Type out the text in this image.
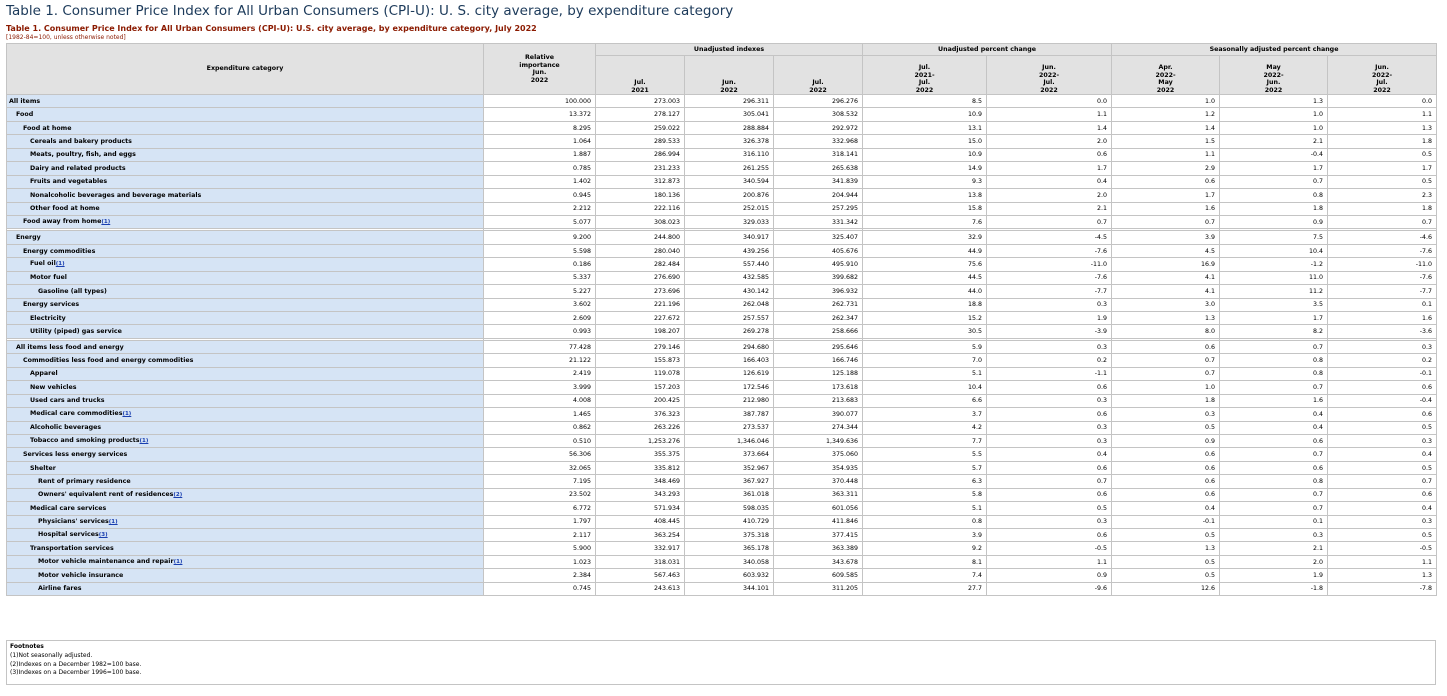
Table 1. Consumer Price Index for All Urban Consumers (CPI-U): U. S. city average, by expenditure category
Table 1. Consumer Price Index for All Urban Consumers (CPI-U): U.S. city average, by expenditure category, July 2022
[1982-84=100, unless otherwise noted]
Expenditure category	Relative
importance
Jun.
2022	Unadjusted indexes			Unadjusted percent change		Seasonally adjusted percent change		
		Jul.
2021	Jun.
2022	Jul.
2022	Jul.
2021-
Jul.
2022	Jun.
2022-
Jul.
2022	Apr.
2022-
May
2022	May
2022-
Jun.
2022	Jun.
2022-
Jul.
2022
All items	100.000	273.003	296.311	296.276	8.5	0.0	1.0	1.3	0.0
Food	13.372	278.127	305.041	308.532	10.9	1.1	1.2	1.0	1.1
Food at home	8.295	259.022	288.884	292.972	13.1	1.4	1.4	1.0	1.3
Cereals and bakery products	1.064	289.533	326.378	332.968	15.0	2.0	1.5	2.1	1.8
Meats, poultry, fish, and eggs	1.887	286.994	316.110	318.141	10.9	0.6	1.1	-0.4	0.5
Dairy and related products	0.785	231.233	261.255	265.638	14.9	1.7	2.9	1.7	1.7
Fruits and vegetables	1.402	312.873	340.594	341.839	9.3	0.4	0.6	0.7	0.5
Nonalcoholic beverages and beverage materials	0.945	180.136	200.876	204.944	13.8	2.0	1.7	0.8	2.3
Other food at home	2.212	222.116	252.015	257.295	15.8	2.1	1.6	1.8	1.8
Food away from home(1)	5.077	308.023	329.033	331.342	7.6	0.7	0.7	0.9	0.7

Energy	9.200	244.800	340.917	325.407	32.9	-4.5	3.9	7.5	-4.6
Energy commodities	5.598	280.040	439.256	405.676	44.9	-7.6	4.5	10.4	-7.6
Fuel oil(1)	0.186	282.484	557.440	495.910	75.6	-11.0	16.9	-1.2	-11.0
Motor fuel	5.337	276.690	432.585	399.682	44.5	-7.6	4.1	11.0	-7.6
Gasoline (all types)	5.227	273.696	430.142	396.932	44.0	-7.7	4.1	11.2	-7.7
Energy services	3.602	221.196	262.048	262.731	18.8	0.3	3.0	3.5	0.1
Electricity	2.609	227.672	257.557	262.347	15.2	1.9	1.3	1.7	1.6
Utility (piped) gas service	0.993	198.207	269.278	258.666	30.5	-3.9	8.0	8.2	-3.6

All items less food and energy	77.428	279.146	294.680	295.646	5.9	0.3	0.6	0.7	0.3
Commodities less food and energy commodities	21.122	155.873	166.403	166.746	7.0	0.2	0.7	0.8	0.2
Apparel	2.419	119.078	126.619	125.188	5.1	-1.1	0.7	0.8	-0.1
New vehicles	3.999	157.203	172.546	173.618	10.4	0.6	1.0	0.7	0.6
Used cars and trucks	4.008	200.425	212.980	213.683	6.6	0.3	1.8	1.6	-0.4
Medical care commodities(1)	1.465	376.323	387.787	390.077	3.7	0.6	0.3	0.4	0.6
Alcoholic beverages	0.862	263.226	273.537	274.344	4.2	0.3	0.5	0.4	0.5
Tobacco and smoking products(1)	0.510	1,253.276	1,346.046	1,349.636	7.7	0.3	0.9	0.6	0.3
Services less energy services	56.306	355.375	373.664	375.060	5.5	0.4	0.6	0.7	0.4
Shelter	32.065	335.812	352.967	354.935	5.7	0.6	0.6	0.6	0.5
Rent of primary residence	7.195	348.469	367.927	370.448	6.3	0.7	0.6	0.8	0.7
Owners' equivalent rent of residences(2)	23.502	343.293	361.018	363.311	5.8	0.6	0.6	0.7	0.6
Medical care services	6.772	571.934	598.035	601.056	5.1	0.5	0.4	0.7	0.4
Physicians' services(1)	1.797	408.445	410.729	411.846	0.8	0.3	-0.1	0.1	0.3
Hospital services(3)	2.117	363.254	375.318	377.415	3.9	0.6	0.5	0.3	0.5
Transportation services	5.900	332.917	365.178	363.389	9.2	-0.5	1.3	2.1	-0.5
Motor vehicle maintenance and repair(1)	1.023	318.031	340.058	343.678	8.1	1.1	0.5	2.0	1.1
Motor vehicle insurance	2.384	567.463	603.932	609.585	7.4	0.9	0.5	1.9	1.3
Airline fares	0.745	243.613	344.101	311.205	27.7	-9.6	12.6	-1.8	-7.8
Footnotes
(1)Not seasonally adjusted.
(2)Indexes on a December 1982=100 base.
(3)Indexes on a December 1996=100 base.
